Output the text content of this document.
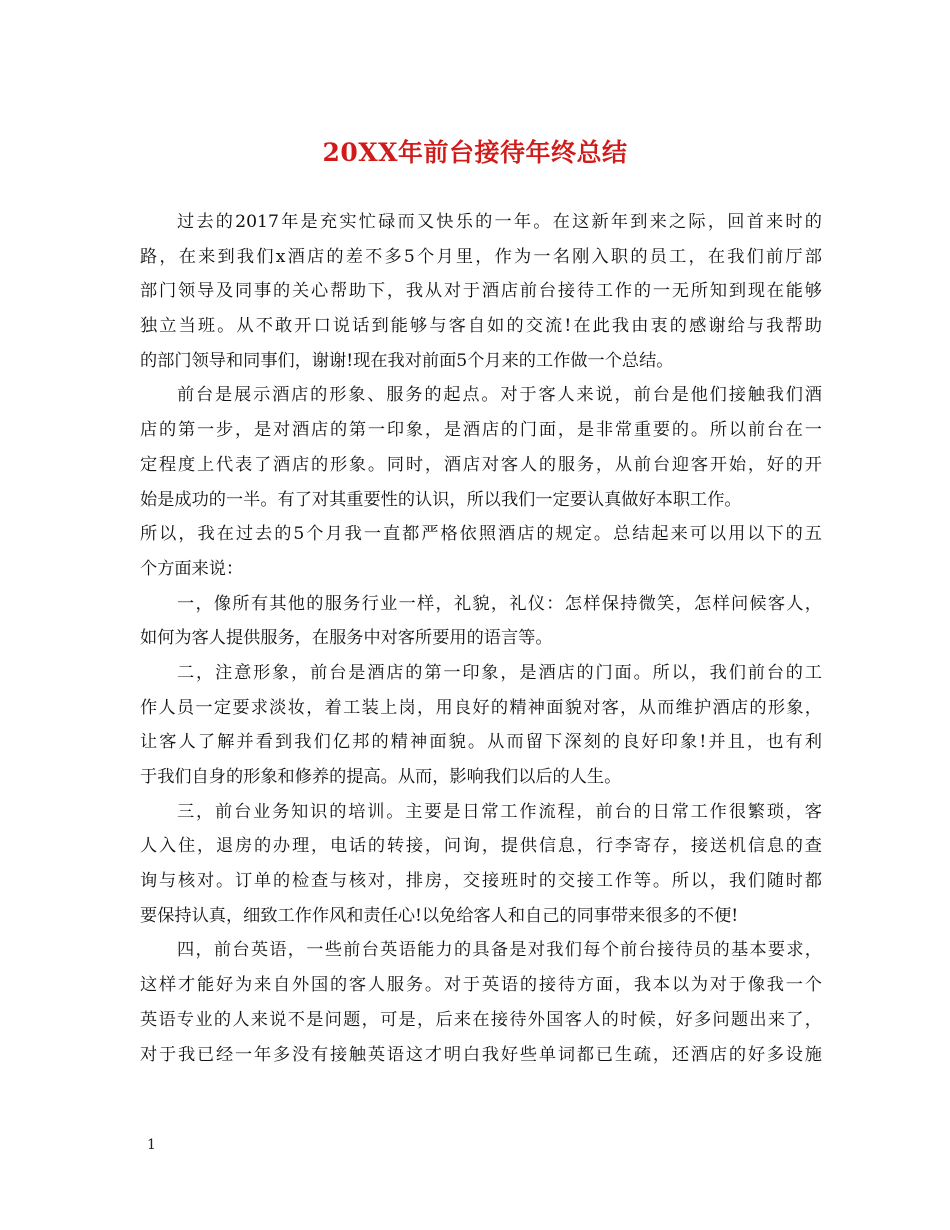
20XX年前台接待年终总结
过去的2017年是充实忙碌而又快乐的一年。在这新年到来之际，回首来时的
路，在来到我们x酒店的差不多5个月里，作为一名刚入职的员工，在我们前厅部
部门领导及同事的关心帮助下，我从对于酒店前台接待工作的一无所知到现在能够
独立当班。从不敢开口说话到能够与客自如的交流!在此我由衷的感谢给与我帮助
的部门领导和同事们，谢谢!现在我对前面5个月来的工作做一个总结。
前台是展示酒店的形象、服务的起点。对于客人来说，前台是他们接触我们酒
店的第一步，是对酒店的第一印象，是酒店的门面，是非常重要的。所以前台在一
定程度上代表了酒店的形象。同时，酒店对客人的服务，从前台迎客开始，好的开
始是成功的一半。有了对其重要性的认识，所以我们一定要认真做好本职工作。
所以，我在过去的5个月我一直都严格依照酒店的规定。总结起来可以用以下的五
个方面来说：
一，像所有其他的服务行业一样，礼貌，礼仪：怎样保持微笑，怎样问候客人，
如何为客人提供服务，在服务中对客所要用的语言等。
二，注意形象，前台是酒店的第一印象，是酒店的门面。所以，我们前台的工
作人员一定要求淡妆，着工装上岗，用良好的精神面貌对客，从而维护酒店的形象，
让客人了解并看到我们亿邦的精神面貌。从而留下深刻的良好印象!并且，也有利
于我们自身的形象和修养的提高。从而，影响我们以后的人生。
三，前台业务知识的培训。主要是日常工作流程，前台的日常工作很繁琐，客
人入住，退房的办理，电话的转接，问询，提供信息，行李寄存，接送机信息的查
询与核对。订单的检查与核对，排房，交接班时的交接工作等。所以，我们随时都
要保持认真，细致工作作风和责任心!以免给客人和自己的同事带来很多的不便!
四，前台英语，一些前台英语能力的具备是对我们每个前台接待员的基本要求，
这样才能好为来自外国的客人服务。对于英语的接待方面，我本以为对于像我一个
英语专业的人来说不是问题，可是，后来在接待外国客人的时候，好多问题出来了，
对于我已经一年多没有接触英语这才明白我好些单词都已生疏，还酒店的好多设施
1
